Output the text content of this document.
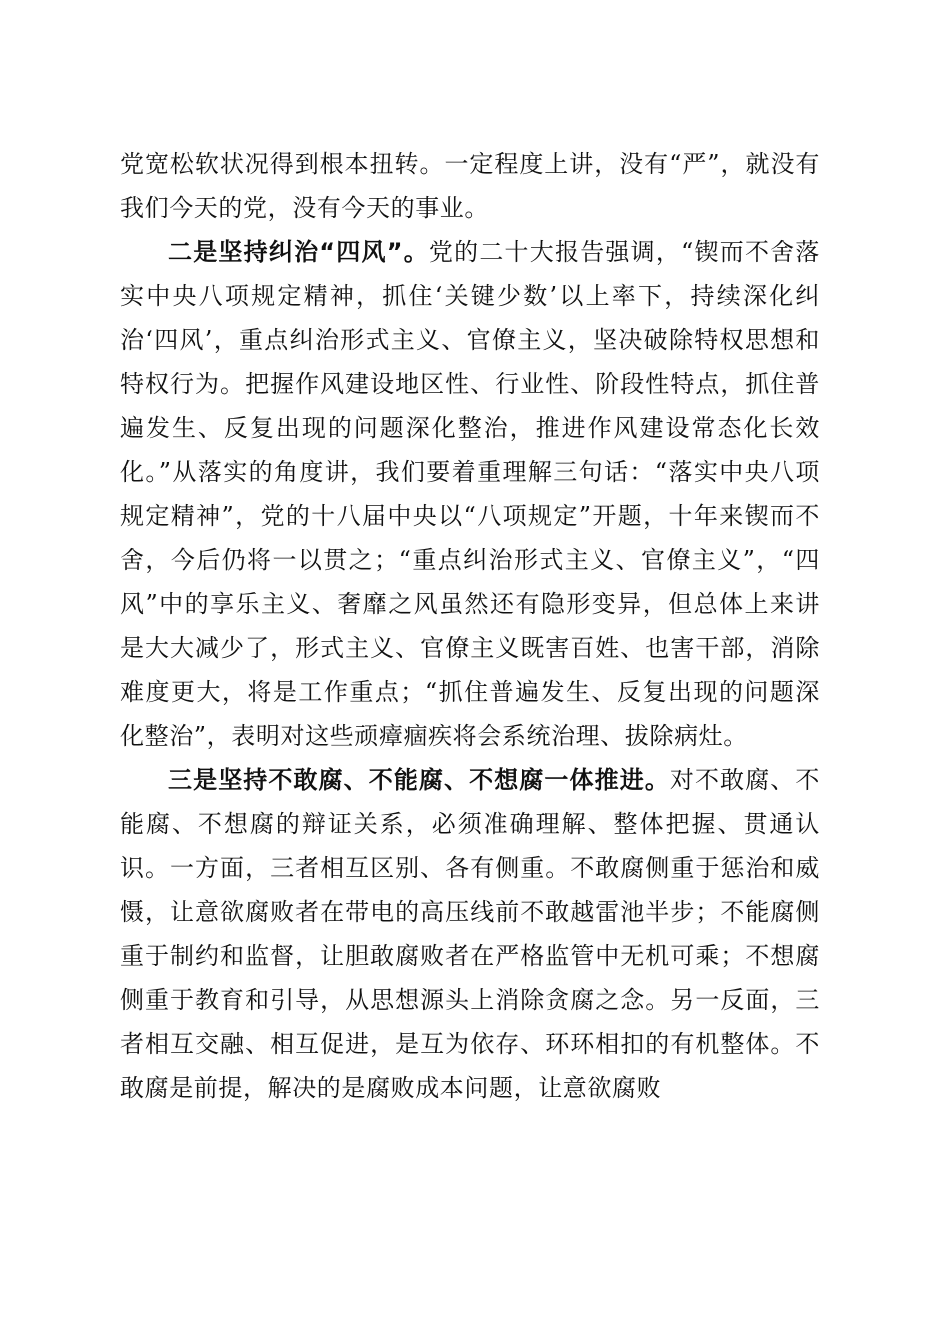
党宽松软状况得到根本扭转。一定程度上讲，没有“严”，就没有我们今天的党，没有今天的事业。

二是坚持纠治“四风”。党的二十大报告强调，“锲而不舍落实中央八项规定精神，抓住‘关键少数’以上率下，持续深化纠治‘四风’，重点纠治形式主义、官僚主义，坚决破除特权思想和特权行为。把握作风建设地区性、行业性、阶段性特点，抓住普遍发生、反复出现的问题深化整治，推进作风建设常态化长效化。”从落实的角度讲，我们要着重理解三句话：“落实中央八项规定精神”，党的十八届中央以“八项规定”开题，十年来锲而不舍，今后仍将一以贯之；“重点纠治形式主义、官僚主义”，“四风”中的享乐主义、奢靡之风虽然还有隐形变异，但总体上来讲是大大减少了，形式主义、官僚主义既害百姓、也害干部，消除难度更大，将是工作重点；“抓住普遍发生、反复出现的问题深化整治”，表明对这些顽瘴痼疾将会系统治理、拔除病灶。

三是坚持不敢腐、不能腐、不想腐一体推进。对不敢腐、不能腐、不想腐的辩证关系，必须准确理解、整体把握、贯通认识。一方面，三者相互区别、各有侧重。不敢腐侧重于惩治和威慑，让意欲腐败者在带电的高压线前不敢越雷池半步；不能腐侧重于制约和监督，让胆敢腐败者在严格监管中无机可乘；不想腐侧重于教育和引导，从思想源头上消除贪腐之念。另一反面，三者相互交融、相互促进，是互为依存、环环相扣的有机整体。不敢腐是前提，解决的是腐败成本问题，让意欲腐败
